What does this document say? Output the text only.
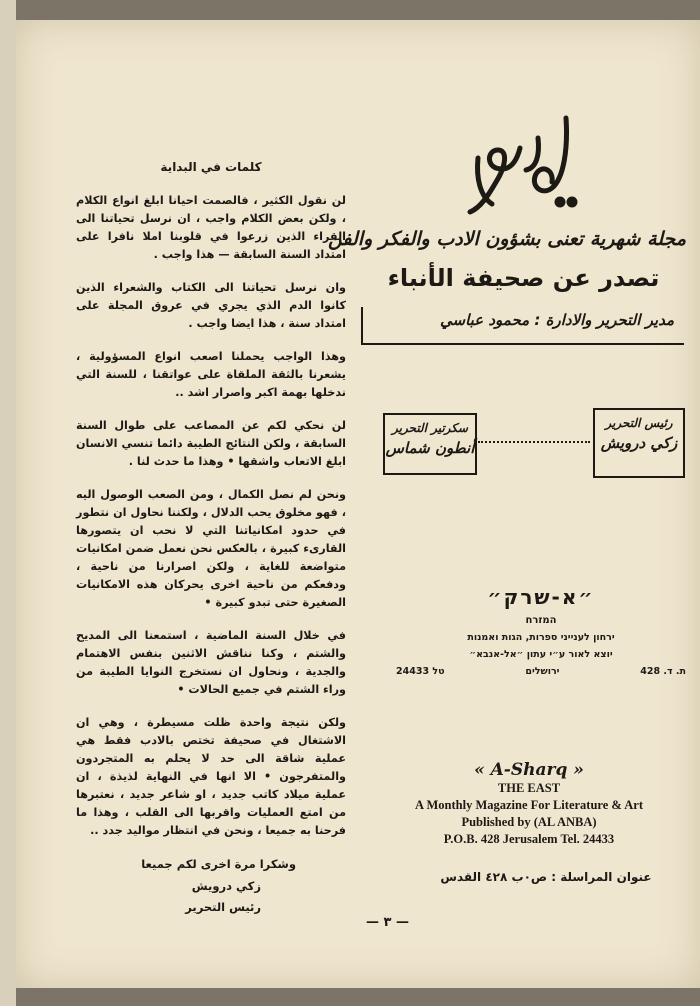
كلمات في البداية

لن نقول الكثير ، فالصمت احيانا ابلغ انواع الكلام ، ولكن بعض الكلام واجب ، ان نرسل تحياتنا الى القراء الذين زرعوا في قلوبنا املا نافرا على امتداد السنة السابقة — هذا واجب .

وان نرسل تحياتنا الى الكتاب والشعراء الذين كانوا الدم الذي يجري في عروق المجلة على امتداد سنة ، هذا ايضا واجب .

وهذا الواجب يحملنا اصعب انواع المسؤولية ، يشعرنا بالثقة الملقاة على عواتقنا ، للسنة التي ندخلها بهمة اكبر واصرار اشد ..

لن نحكي لكم عن المصاعب على طوال السنة السابقة ، ولكن النتائج الطيبة دائما تنسي الانسان ابلغ الاتعاب واشقها • وهذا ما حدث لنا .

ونحن لم نصل الكمال ، ومن الصعب الوصول اليه ، فهو مخلوق يحب الدلال ، ولكننا نحاول ان نتطور في حدود امكانياتنا التي لا نحب ان يتصورها القارىء كبيرة ، بالعكس نحن نعمل ضمن امكانيات متواضعة للغاية ، ولكن اصرارنا من ناحية ، ودفعكم من ناحية اخرى يحركان هذه الامكانيات الصغيرة حتى تبدو كبيرة •

في خلال السنة الماضية ، استمعنا الى المديح والشتم ، وكنا نناقش الاثنين بنفس الاهتمام والجدية ، ونحاول ان نستخرج النوايا الطيبة من وراء الشتم في جميع الحالات •

ولكن نتيجة واحدة ظلت مسيطرة ، وهي ان الاشتغال في صحيفة تختص بالادب فقط هي عملية شاقة الى حد لا يحلم به المتجردون والمتفرجون • الا انها في النهاية لذيذة ، ان عملية ميلاد كاتب جديد ، او شاعر جديد ، نعتبرها من امتع العمليات واقربها الى القلب ، وهذا ما فرحنا به جميعا ، ونحن في انتظار مواليد جدد ..

وشكرا مرة اخرى لكم جميعا
زكي درويش
رئيس التحرير
— ٣ —
مجلة شهرية تعنى بشؤون الادب والفكر والفن
تصدر عن صحيفة الأنباء
مدير التحرير والادارة : محمود عباسي
رئيس التحرير
زكي درويش
سكرتير التحرير
أنطون شماس
״א-שרק״
המזרח
ירחון לענייני ספרות, הגות ואמנות
יוצא לאור ע״י עתון ״אל-אנבא״
ת. ד. 428
ירושלים
טל 24433
« A-Sharq »
THE EAST
A Monthly Magazine For Literature & Art
Published by (AL ANBA)
P.O.B. 428 Jerusalem Tel. 24433
عنوان المراسلة : ص٠ب ٤٢٨ القدس
